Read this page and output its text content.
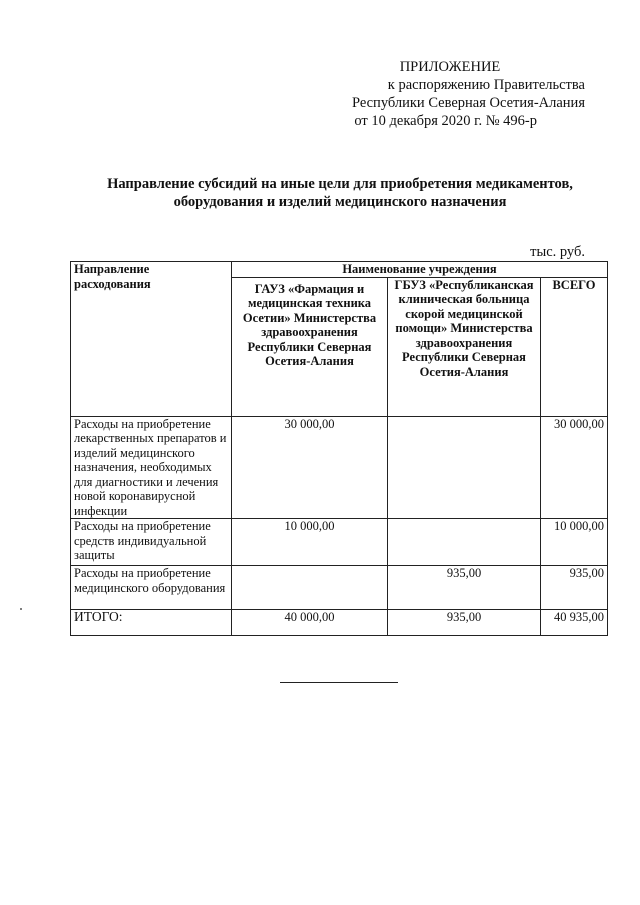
ПРИЛОЖЕНИЕ
к распоряжению Правительства
Республики Северная Осетия-Алания
от 10 декабря 2020 г. № 496-р
Направление субсидий на иные цели для приобретения медикаментов,
оборудования и изделий медицинского назначения
тыс. руб.
Направление расходования	Наименование учреждения		
	ГАУЗ «Фармация и медицинская техника Осетии» Министерства здравоохранения Республики Северная Осетия-Алания	ГБУЗ «Республиканская клиническая больница скорой медицинской помощи» Министерства здравоохранения Республики Северная Осетия-Алания	ВСЕГО
Расходы на приобретение лекарственных препаратов и изделий медицинского назначения, необходимых для диагностики и лечения новой коронавирусной инфекции	30 000,00		30 000,00
Расходы на приобретение средств индивидуальной защиты	10 000,00		10 000,00
Расходы на приобретение медицинского оборудования		935,00	935,00
ИТОГО:	40 000,00	935,00	40 935,00
